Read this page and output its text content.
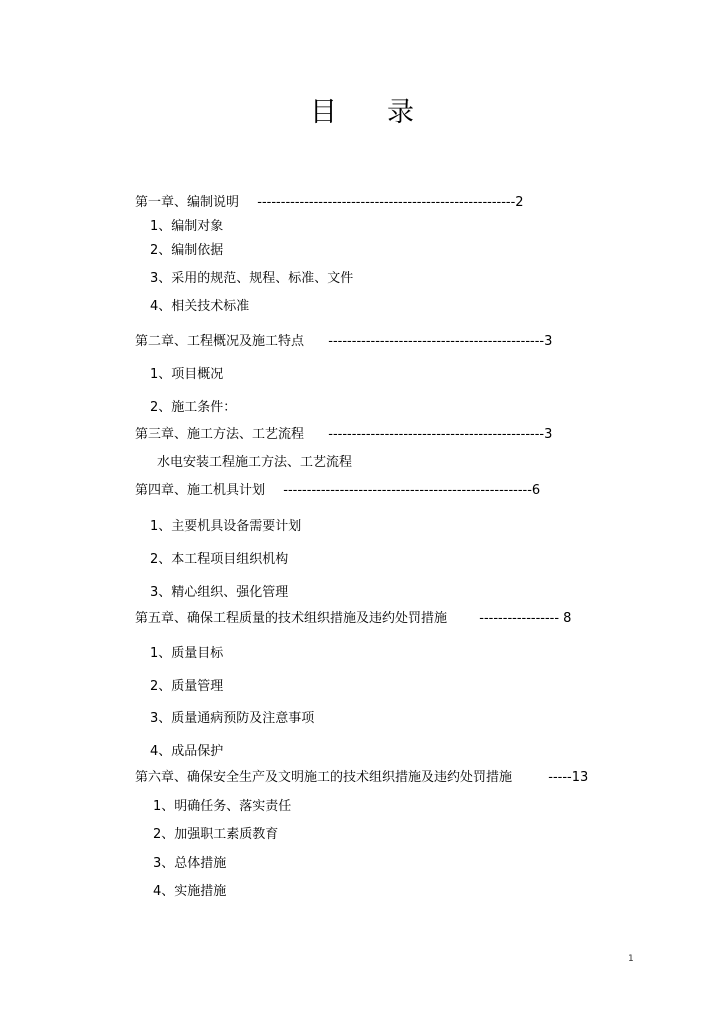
目 录
第一章、编制说明 -------------------------------------------------------2
1、编制对象
2、编制依据
3、采用的规范、规程、标准、文件
4、相关技术标准
第二章、工程概况及施工特点 ----------------------------------------------3
1、项目概况
2、施工条件：
第三章、施工方法、工艺流程 ----------------------------------------------3
水电安装工程施工方法、工艺流程
第四章、施工机具计划 -----------------------------------------------------6
1、主要机具设备需要计划
2、本工程项目组织机构
3、精心组织、强化管理
第五章、确保工程质量的技术组织措施及违约处罚措施 ----------------- 8
1、质量目标
2、质量管理
3、质量通病预防及注意事项
4、成品保护
第六章、确保安全生产及文明施工的技术组织措施及违约处罚措施	-----13
1、明确任务、落实责任
2、加强职工素质教育
3、总体措施
4、实施措施
1
